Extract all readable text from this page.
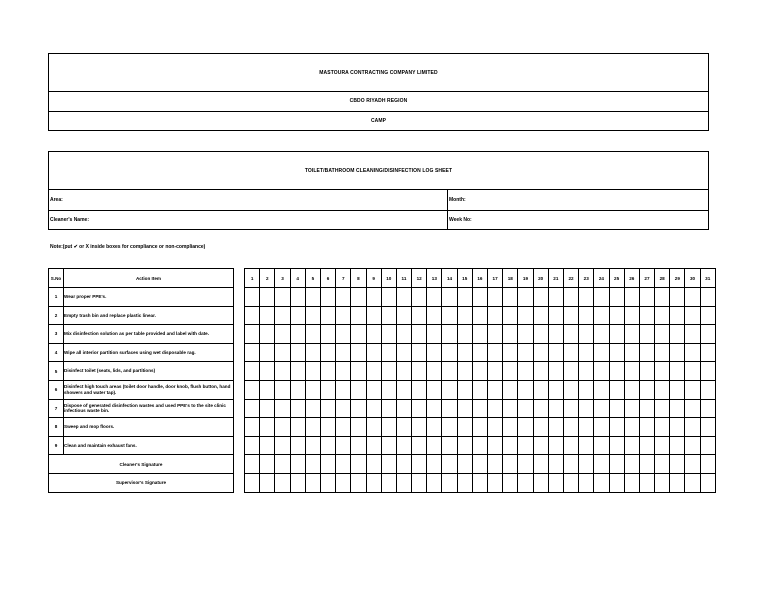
MASTOURA CONTRACTING COMPANY LIMITED
CBDO RIYADH REGION
CAMP
TOILET/BATHROOM CLEANING/DISINFECTION LOG SHEET
Area:	Month:
Cleaner's Name:	Week No:
Note:(put ✔ or X inside boxes for compliance or non-compliance)
S.No	Action Item		1	2	3	4	5	6	7	8	9	10	11	12	13	14	15	16	17	18	19	20	21	22	23	24	25	26	27	28	29	30	31
1	Wear proper PPE's.																																
2	Empty trash bin and replace plastic linear.																																
3	Mix disinfection solution as per table provided and label with date.																																
4	Wipe all interior partition surfaces using wet disposable rag.																																
5	Disinfect toilet (seats, lids, and partitions)																																
6	Disinfect high touch areas (toilet door handle, door knob, flush button, hand showers and water tap).																																
7	Dispose of generated disinfection wastes and used PPE's to the site clinic infectious waste bin.																																
8	Sweep and mop floors.																																
9	Clean and maintain exhaust fans.																																
Cleaner's Signature																																	
Supervisor's Signature																																	
